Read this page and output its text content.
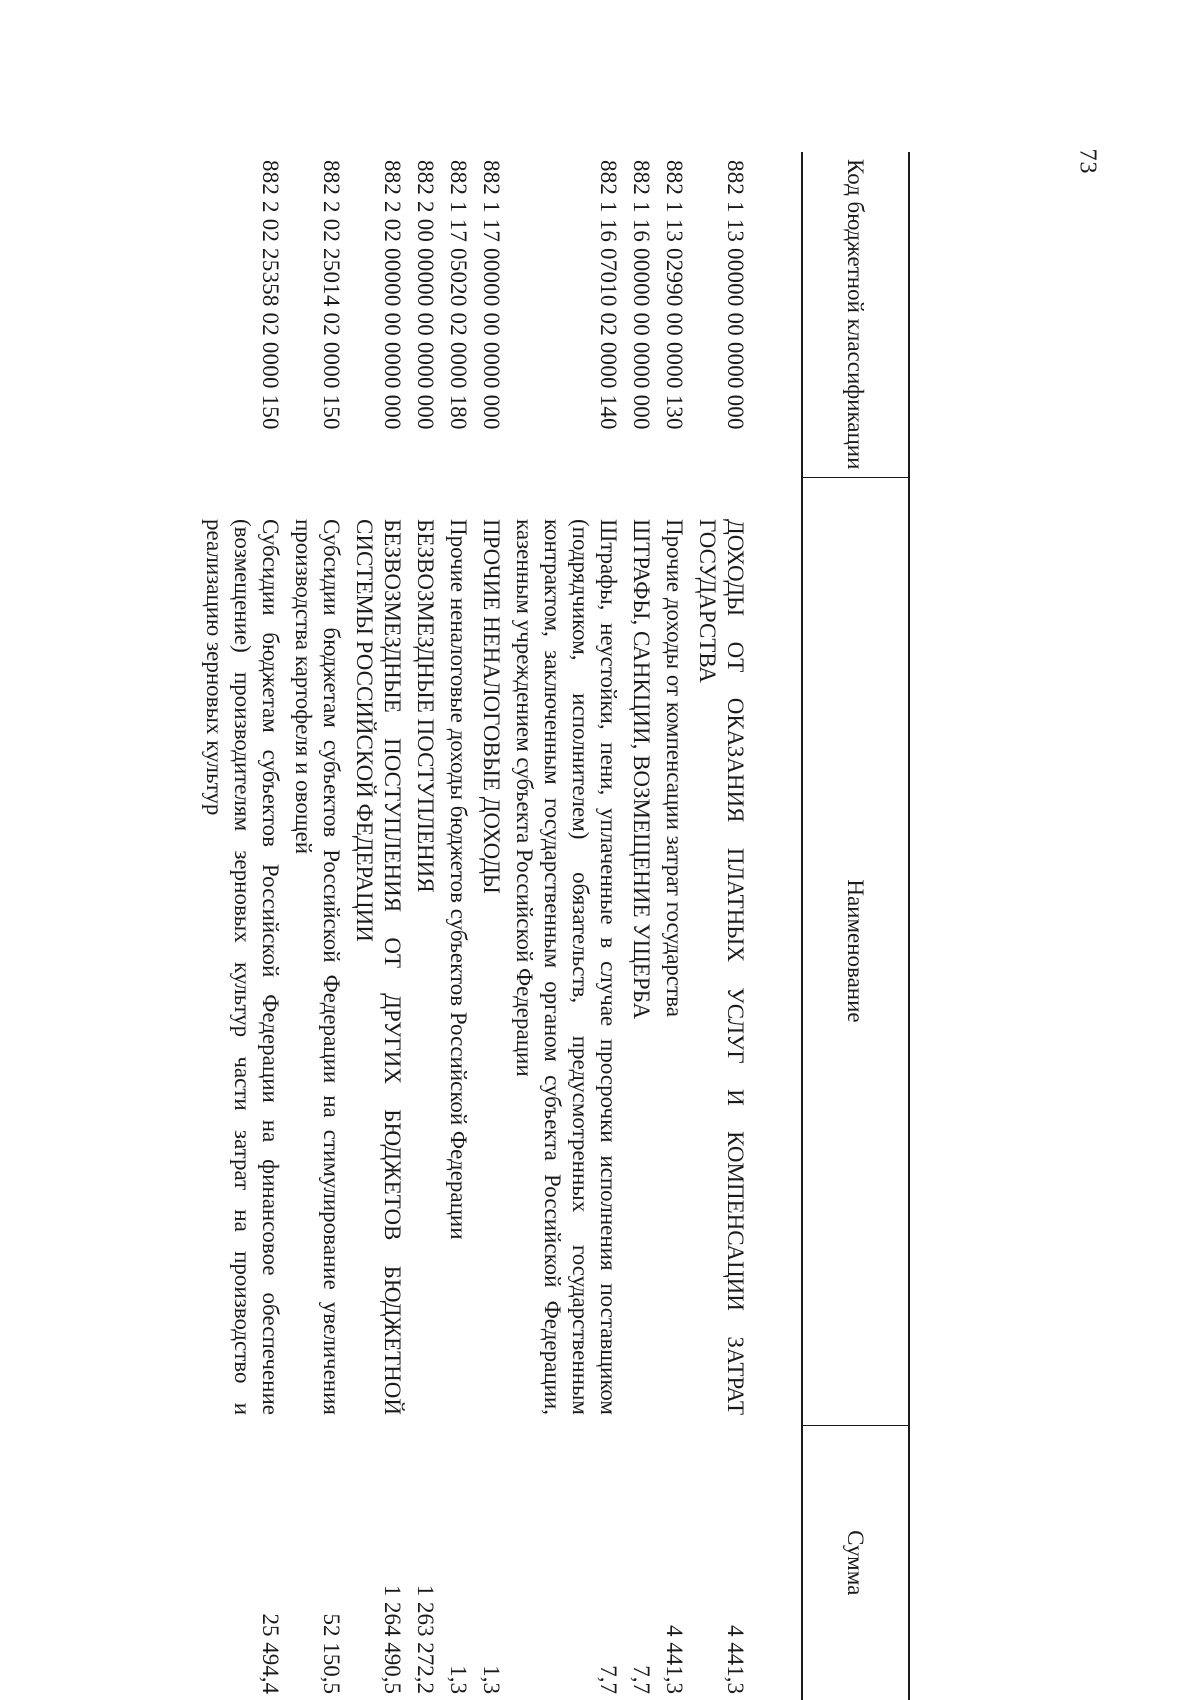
73
Код бюджетной классификации	Наименование	Сумма
882 1 13 00000 00 0000 000	ДОХОДЫ ОТ ОКАЗАНИЯ ПЛАТНЫХ УСЛУГ И КОМПЕНСАЦИИ ЗАТРАТ ГОСУДАРСТВА	4 441,3
882 1 13 02990 00 0000 130	Прочие доходы от компенсации затрат государства	4 441,3
882 1 16 00000 00 0000 000	ШТРАФЫ, САНКЦИИ, ВОЗМЕЩЕНИЕ УЩЕРБА	7,7
882 1 16 07010 02 0000 140	Штрафы, неустойки, пени, уплаченные в случае просрочки исполнения поставщиком (подрядчиком, исполнителем) обязательств, предусмотренных государственным контрактом, заключенным государственным органом субъекта Российской Федерации, казенным учреждением субъекта Российской Федерации	7,7
882 1 17 00000 00 0000 000	ПРОЧИЕ НЕНАЛОГОВЫЕ ДОХОДЫ	1,3
882 1 17 05020 02 0000 180	Прочие неналоговые доходы бюджетов субъектов Российской Федерации	1,3
882 2 00 00000 00 0000 000	БЕЗВОЗМЕЗДНЫЕ ПОСТУПЛЕНИЯ	1 263 272,2
882 2 02 00000 00 0000 000	БЕЗВОЗМЕЗДНЫЕ ПОСТУПЛЕНИЯ ОТ ДРУГИХ БЮДЖЕТОВ БЮДЖЕТНОЙ СИСТЕМЫ РОССИЙСКОЙ ФЕДЕРАЦИИ	1 264 490,5
882 2 02 25014 02 0000 150	Субсидии бюджетам субъектов Российской Федерации на стимулирование увеличения производства картофеля и овощей	52 150,5
882 2 02 25358 02 0000 150	Субсидии бюджетам субъектов Российской Федерации на финансовое обеспечение (возмещение) производителям зерновых культур части затрат на производство и реализацию зерновых культур	25 494,4
